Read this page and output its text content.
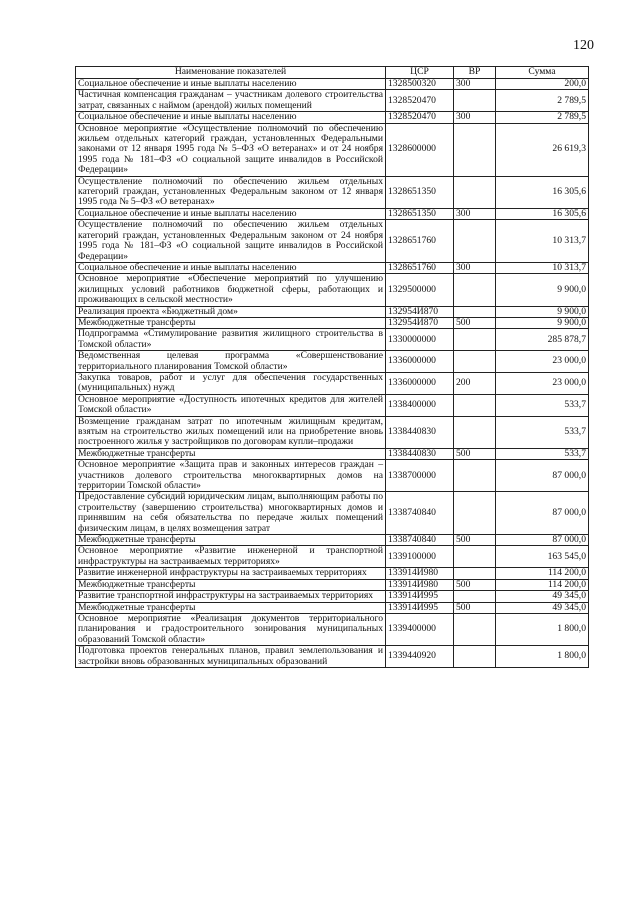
120
Наименование показателей	ЦСР	ВР	Сумма
Социальное обеспечение и иные выплаты населению	1328500320	300	200,0
Частичная компенсация гражданам – участникам долевого строительства затрат, связанных с наймом (арендой) жилых помещений	1328520470		2 789,5
Социальное обеспечение и иные выплаты населению	1328520470	300	2 789,5
Основное мероприятие «Осуществление полномочий по обеспечению жильем отдельных категорий граждан, установленных Федеральными законами от 12 января 1995 года № 5–ФЗ «О ветеранах» и от 24 ноября 1995 года № 181–ФЗ «О социальной защите инвалидов в Российской Федерации»	1328600000		26 619,3
Осуществление полномочий по обеспечению жильем отдельных категорий граждан, установленных Федеральным законом от 12 января 1995 года № 5–ФЗ «О ветеранах»	1328651350		16 305,6
Социальное обеспечение и иные выплаты населению	1328651350	300	16 305,6
Осуществление полномочий по обеспечению жильем отдельных категорий граждан, установленных Федеральным законом от 24 ноября 1995 года № 181–ФЗ «О социальной защите инвалидов в Российской Федерации»	1328651760		10 313,7
Социальное обеспечение и иные выплаты населению	1328651760	300	10 313,7
Основное мероприятие «Обеспечение мероприятий по улучшению жилищных условий работников бюджетной сферы, работающих и проживающих в сельской местности»	1329500000		9 900,0
Реализация проекта «Бюджетный дом»	132954И870		9 900,0
Межбюджетные трансферты	132954И870	500	9 900,0
Подпрограмма «Стимулирование развития жилищного строительства в Томской области»	1330000000		285 878,7
Ведомственная целевая программа «Совершенствование территориального планирования Томской области»	1336000000		23 000,0
Закупка товаров, работ и услуг для обеспечения государственных (муниципальных) нужд	1336000000	200	23 000,0
Основное мероприятие «Доступность ипотечных кредитов для жителей Томской области»	1338400000		533,7
Возмещение гражданам затрат по ипотечным жилищным кредитам, взятым на строительство жилых помещений или на приобретение вновь построенного жилья у застройщиков по договорам купли–продажи	1338440830		533,7
Межбюджетные трансферты	1338440830	500	533,7
Основное мероприятие «Защита прав и законных интересов граждан – участников долевого строительства многоквартирных домов на территории Томской области»	1338700000		87 000,0
Предоставление субсидий юридическим лицам, выполняющим работы по строительству (завершению строительства) многоквартирных домов и принявшим на себя обязательства по передаче жилых помещений физическим лицам, в целях возмещения затрат	1338740840		87 000,0
Межбюджетные трансферты	1338740840	500	87 000,0
Основное мероприятие «Развитие инженерной и транспортной инфраструктуры на застраиваемых территориях»	1339100000		163 545,0
Развитие инженерной инфраструктуры на застраиваемых территориях	133914И980		114 200,0
Межбюджетные трансферты	133914И980	500	114 200,0
Развитие транспортной инфраструктуры на застраиваемых территориях	133914И995		49 345,0
Межбюджетные трансферты	133914И995	500	49 345,0
Основное мероприятие «Реализация документов территориального планирования и градостроительного зонирования муниципальных образований Томской области»	1339400000		1 800,0
Подготовка проектов генеральных планов, правил землепользования и застройки вновь образованных муниципальных образований	1339440920		1 800,0
